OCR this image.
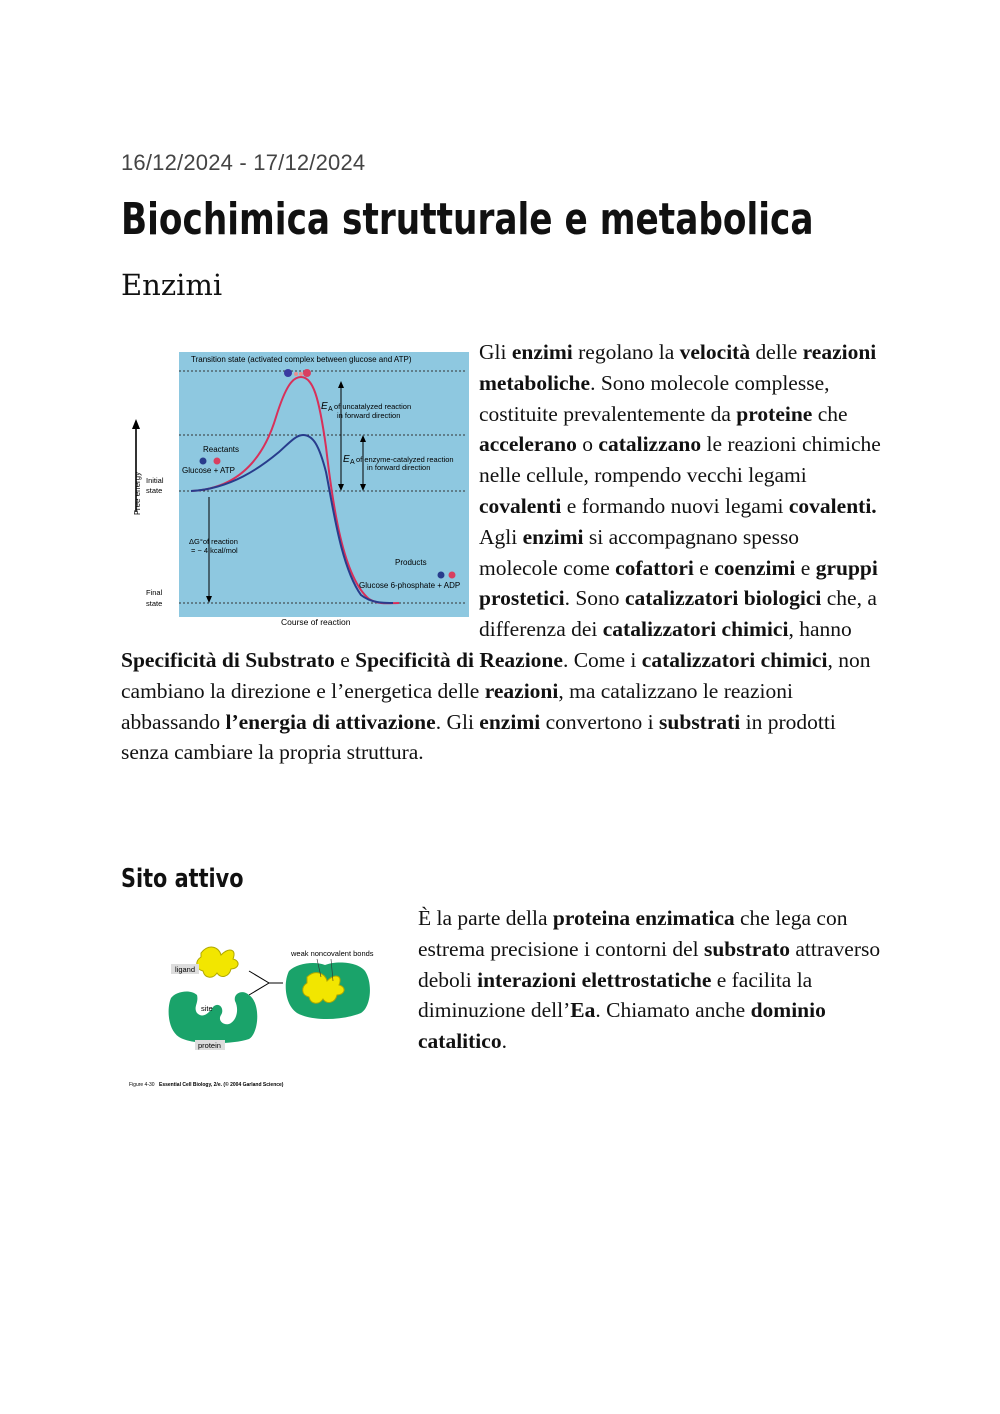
16/12/2024 - 17/12/2024
Biochimica strutturale e metabolica
Enzimi
Free energy
Course of reaction
Transition state (activated complex between glucose and ATP)
E A of uncatalyzed reaction
in forward direction
E A of enzyme-catalyzed reaction
in forward direction
Reactants
Glucose + ATP
Initial
state
Final
state
ΔG°of reaction
= − 4 kcal/mol
Products
Glucose 6-phosphate + ADP

Gli enzimi regolano la velocità delle reazioni metaboliche. Sono molecole complesse, costituite prevalentemente da proteine che accelerano o catalizzano le reazioni chimiche nelle cellule, rompendo vecchi legami covalenti e formando nuovi legami covalenti. Agli enzimi si accompagnano spesso molecole come cofattori e coenzimi e gruppi prostetici. Sono catalizzatori biologici che, a differenza dei catalizzatori chimici, hanno Specificità di Substrato e Specificità di Reazione. Come i catalizzatori chimici, non cambiano la direzione e l’energetica delle reazioni, ma catalizzano le reazioni abbassando l’energia di attivazione. Gli enzimi convertono i substrati in prodotti senza cambiare la propria struttura.

Sito attivo
ligand
binding
site
protein
weak noncovalent bonds
Figure 4-30 Essential Cell Biology, 2/e. (© 2004 Garland Science)

È la parte della proteina enzimatica che lega con estrema precisione i contorni del substrato attraverso deboli interazioni elettrostatiche e facilita la diminuzione dell’Ea. Chiamato anche dominio catalitico.
